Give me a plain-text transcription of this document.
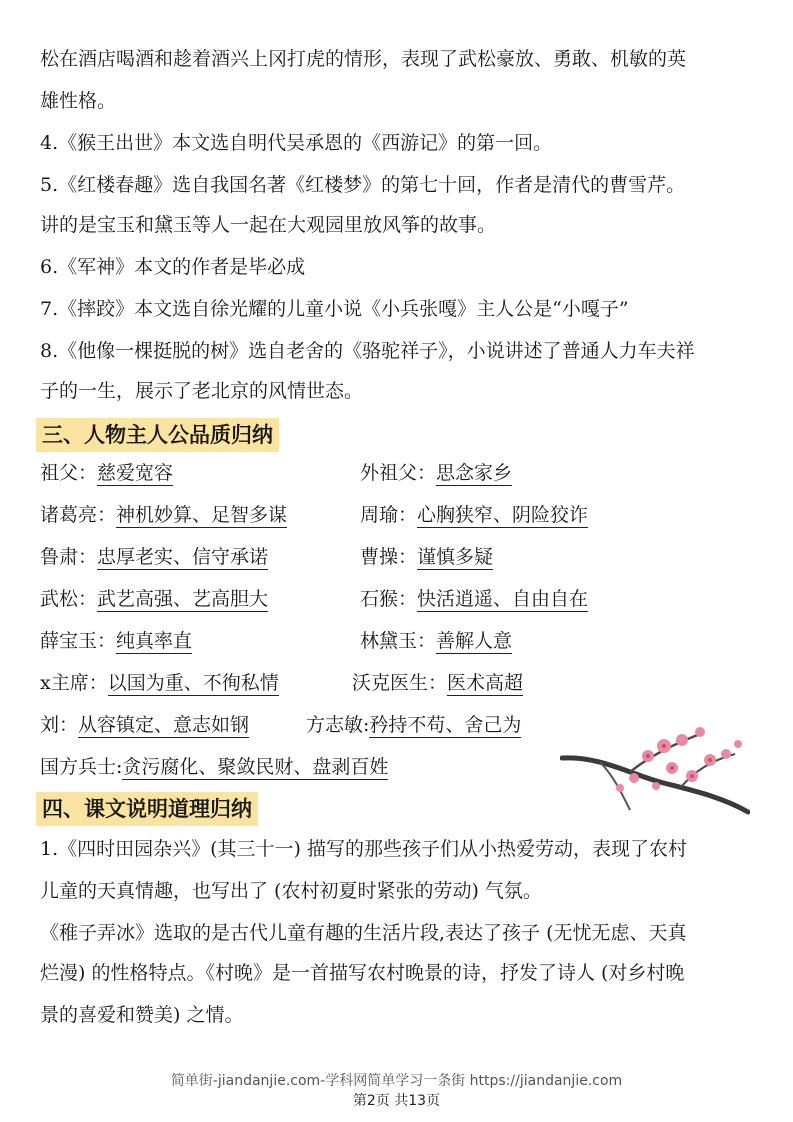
松在酒店喝酒和趁着酒兴上冈打虎的情形，表现了武松豪放、勇敢、机敏的英

雄性格。

4.《猴王出世》本文选自明代吴承恩的《西游记》的第一回。

5.《红楼春趣》选自我国名著《红楼梦》的第七十回，作者是清代的曹雪芹。

讲的是宝玉和黛玉等人一起在大观园里放风筝的故事。

6.《军神》本文的作者是毕必成

7.《摔跤》本文选自徐光耀的儿童小说《小兵张嘎》主人公是“小嘎子”

8.《他像一棵挺脱的树》选自老舍的《骆驼祥子》，小说讲述了普通人力车夫祥

子的一生，展示了老北京的风情世态。

三、人物主人公品质归纳
祖父：慈爱宽容	外祖父：思念家乡
诸葛亮：神机妙算、足智多谋	周瑜：心胸狭窄、阴险狡诈
鲁肃：忠厚老实、信守承诺	曹操：谨慎多疑
武松：武艺高强、艺高胆大	石猴：快活逍遥、自由自在
薛宝玉：纯真率直	林黛玉：善解人意
x主席：以国为重、不徇私情	沃克医生：医术高超
刘：从容镇定、意志如钢	方志敏:矜持不苟、舍己为
国方兵士:贪污腐化、聚敛民财、盘剥百姓
四、课文说明道理归纳

1.《四时田园杂兴》(其三十一) 描写的那些孩子们从小热爱劳动，表现了农村

儿童的天真情趣，也写出了 (农村初夏时紧张的劳动) 气氛。

《稚子弄冰》选取的是古代儿童有趣的生活片段,表达了孩子 (无忧无虑、天真

烂漫) 的性格特点。《村晚》是一首描写农村晚景的诗，抒发了诗人 (对乡村晚

景的喜爱和赞美) 之情。

简单街-jiandanjie.com-学科网简单学习一条街 https://jiandanjie.com
第2页 共13页
